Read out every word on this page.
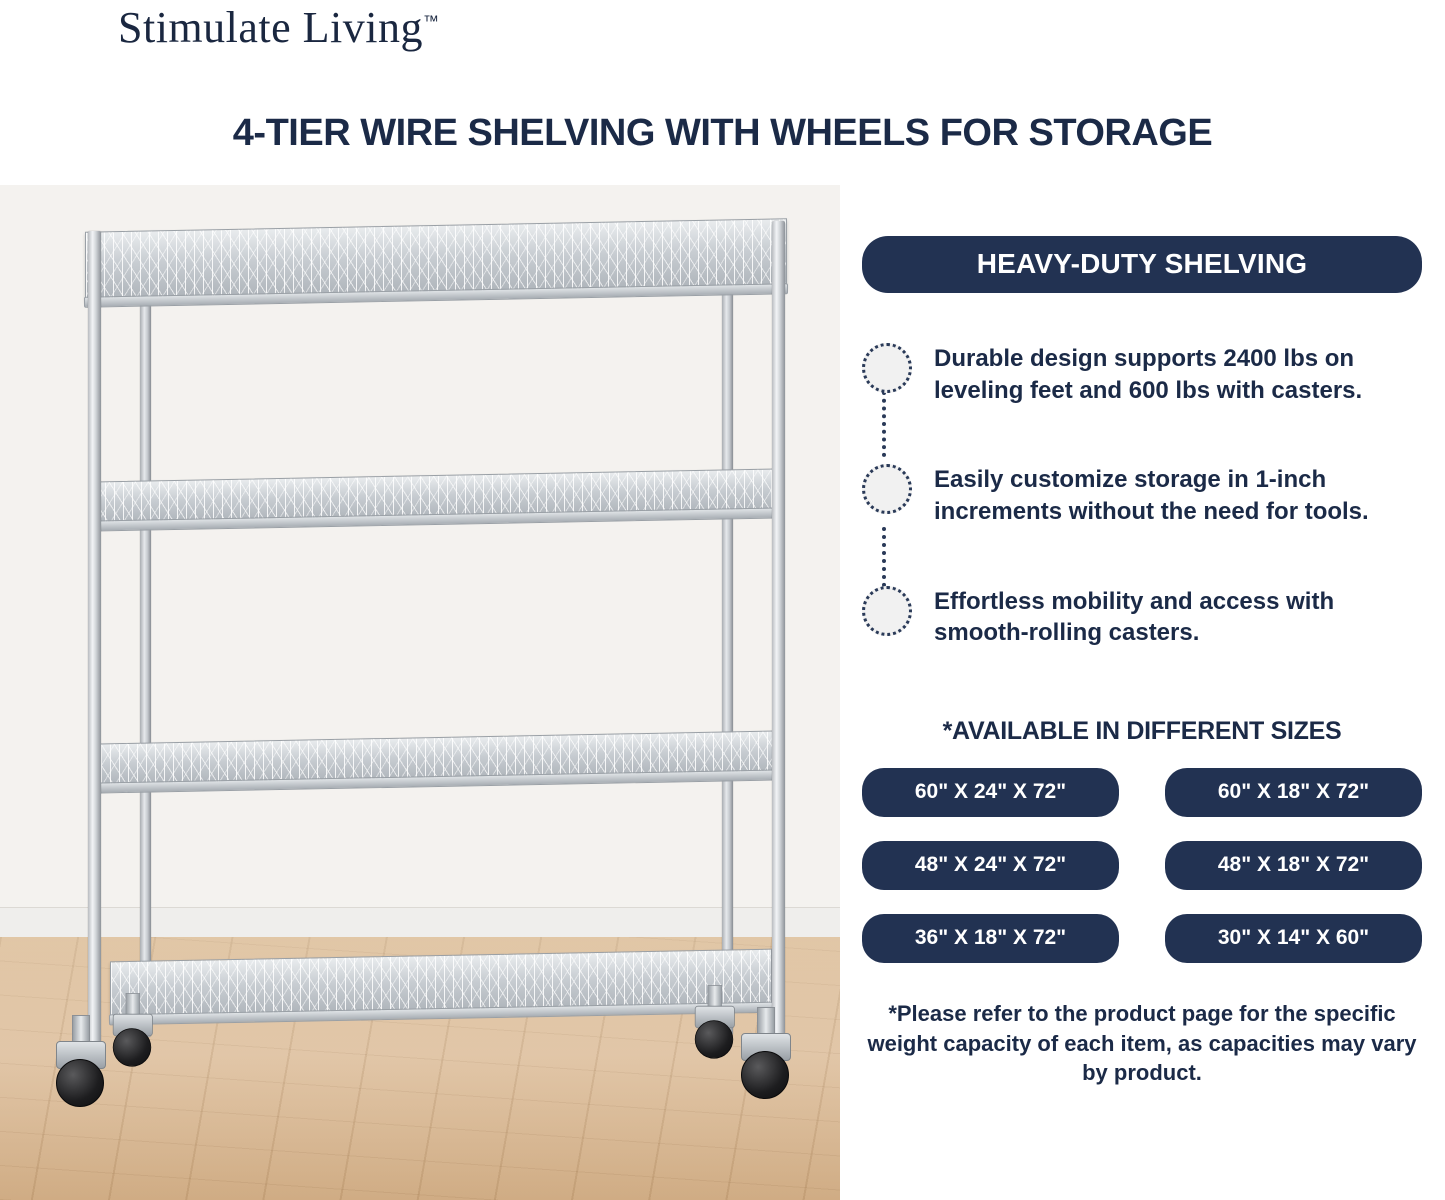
Stimulate Living™
4-TIER WIRE SHELVING WITH WHEELS FOR STORAGE
HEAVY-DUTY SHELVING
Durable design supports 2400 lbs on leveling feet and 600 lbs with casters.
Easily customize storage in 1-inch increments without the need for tools.
Effortless mobility and access with smooth-rolling casters.
*AVAILABLE IN DIFFERENT SIZES
60" X 24" X 72"	60" X 18" X 72"
48" X 24" X 72"	48" X 18" X 72"
36" X 18" X 72"	30" X 14" X 60"
*Please refer to the product page for the specific weight capacity of each item, as capacities may vary by product.
